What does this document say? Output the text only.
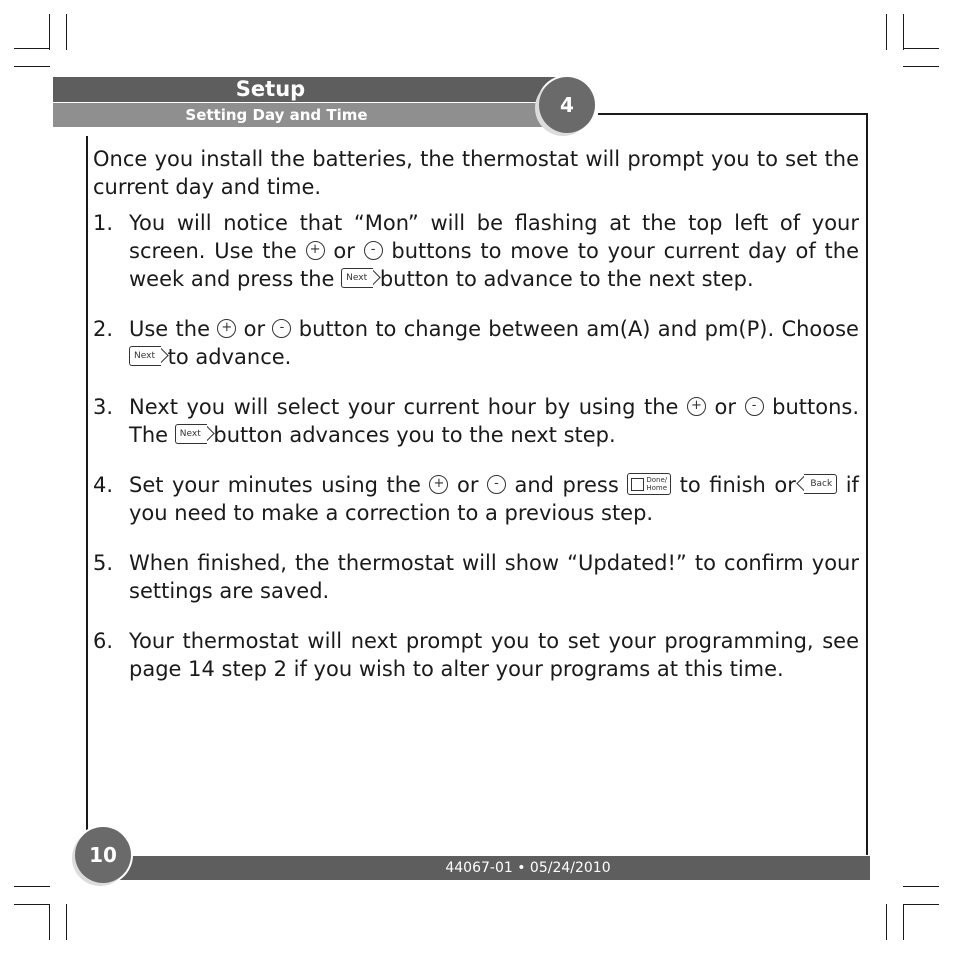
Setup
Setting Day and Time	4

Once you install the batteries, the thermostat will prompt you to set the current day and time.

1. You will notice that “Mon” will be flashing at the top left of your screen. Use the + or - buttons to move to your current day of the week and press the Next button to advance to the next step.
2. Use the + or - button to change between am(A) and pm(P). Choose Next to advance.
3. Next you will select your current hour by using the + or - buttons. The Next button advances you to the next step.
4. Set your minutes using the + or - and press	Done/
Home to finish or Back if you need to make a correction to a previous step.
5. When finished, the thermostat will show “Updated!” to confirm your settings are saved.
6. Your thermostat will next prompt you to set your programming, see page 14 step 2 if you wish to alter your programs at this time.
44067-01 • 05/24/2010
10
